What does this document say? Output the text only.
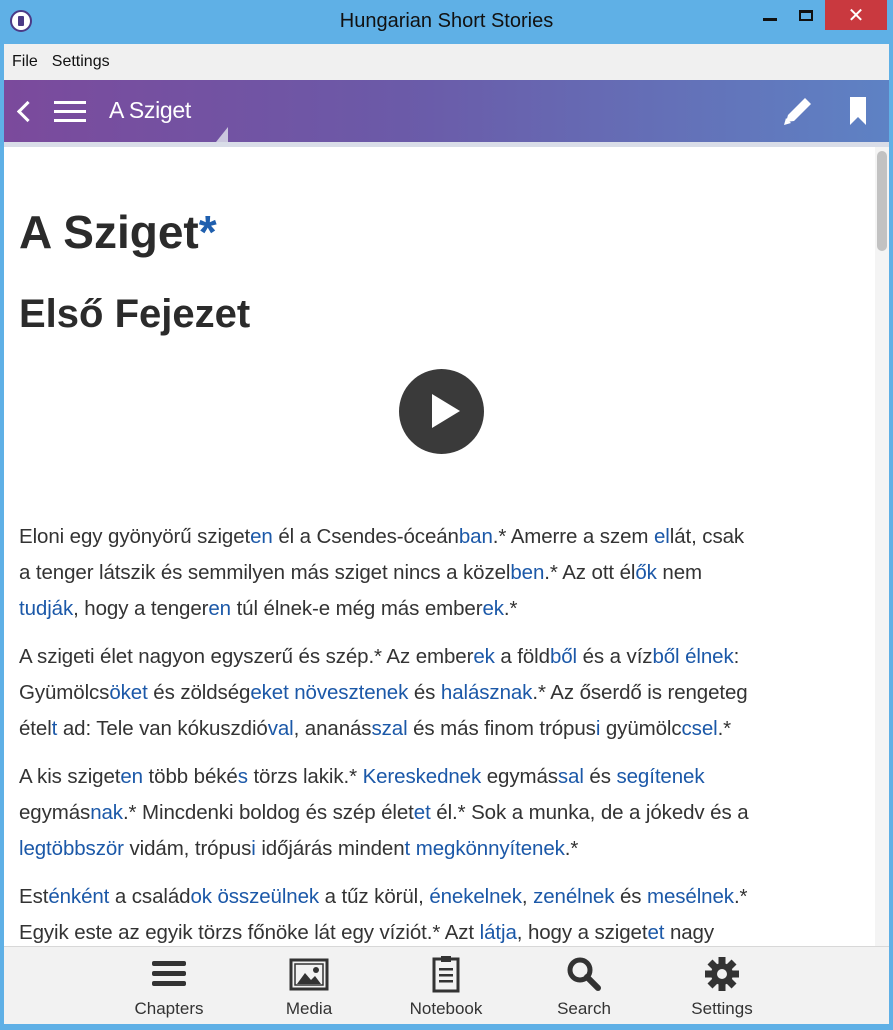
Hungarian Short Stories	✕
File Settings
A Sziget
A Sziget*
Első Fejezet
Eloni egy gyönyörű szigeten él a Csendes-óceánban.* Amerre a szem ellát, csak
a tenger látszik és semmilyen más sziget nincs a közelben.* Az ott élők nem
tudják, hogy a tengeren túl élnek-e még más emberek.*
A szigeti élet nagyon egyszerű és szép.* Az emberek a földből és a vízből élnek:
Gyümölcsöket és zöldségeket növesztenek és halásznak.* Az őserdő is rengeteg
ételt ad: Tele van kókuszdióval, ananásszal és más finom trópusi gyümölccsel.*
A kis szigeten több békés törzs lakik.* Kereskednek egymással és segítenek
egymásnak.* Mincdenki boldog és szép életet él.* Sok a munka, de a jókedv és a
legtöbbször vidám, trópusi időjárás mindent megkönnyítenek.*
Esténként a családok összeülnek a tűz körül, énekelnek, zenélnek és mesélnek.*
Egyik este az egyik törzs főnöke lát egy víziót.* Azt látja, hogy a szigetet nagy
Chapters	Media	Notebook	Search	Settings
